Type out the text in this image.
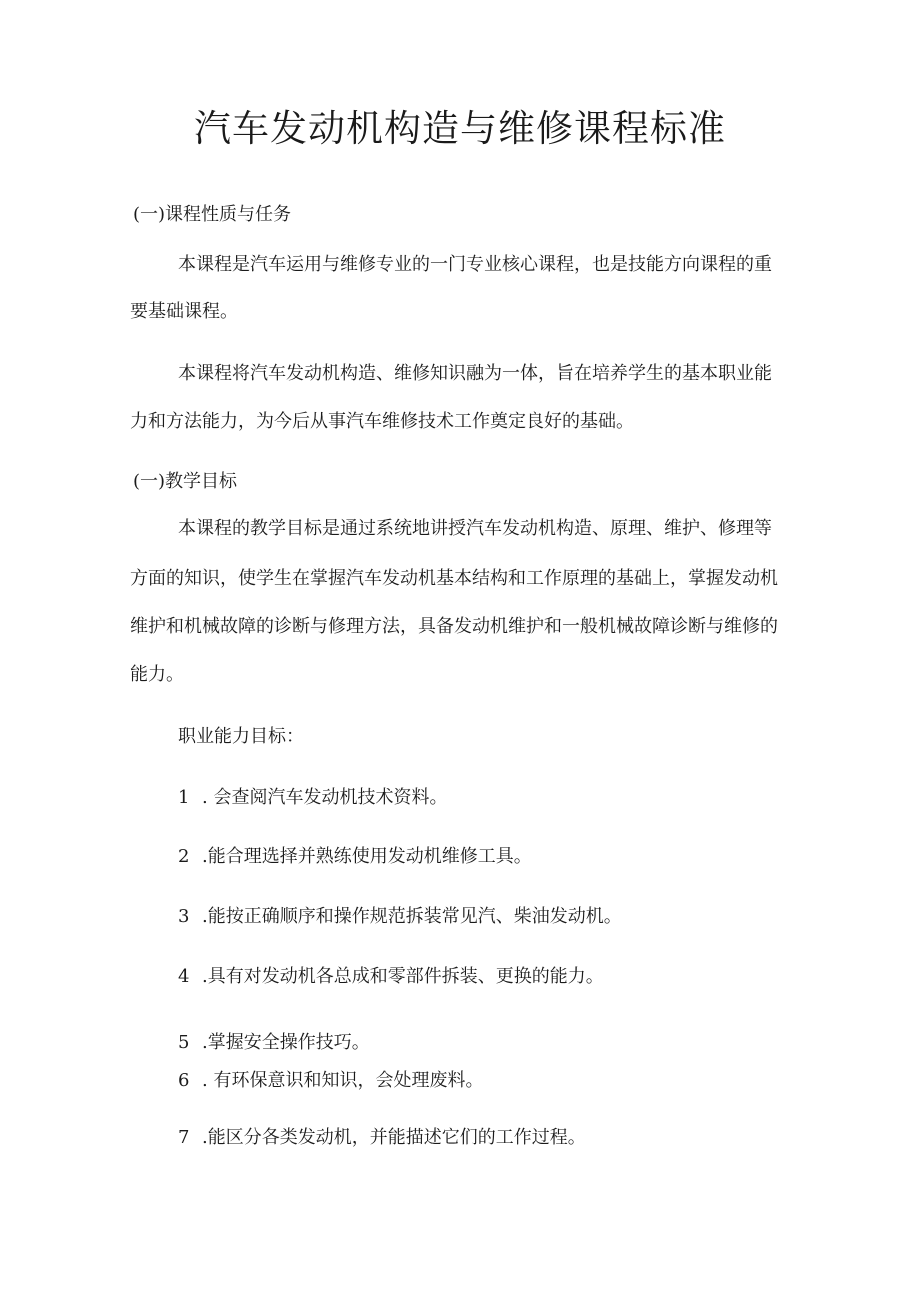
汽车发动机构造与维修课程标准

(一)课程性质与任务

本课程是汽车运用与维修专业的一门专业核心课程，也是技能方向课程的重

要基础课程。

本课程将汽车发动机构造、维修知识融为一体，旨在培养学生的基本职业能

力和方法能力，为今后从事汽车维修技术工作奠定良好的基础。

(一)教学目标

本课程的教学目标是通过系统地讲授汽车发动机构造、原理、维护、修理等

方面的知识，使学生在掌握汽车发动机基本结构和工作原理的基础上，掌握发动机

维护和机械故障的诊断与修理方法，具备发动机维护和一般机械故障诊断与维修的

能力。

职业能力目标：

1 . 会查阅汽车发动机技术资料。

2 .能合理选择并熟练使用发动机维修工具。

3 .能按正确顺序和操作规范拆装常见汽、柴油发动机。

4 .具有对发动机各总成和零部件拆装、更换的能力。

5 .掌握安全操作技巧。

6 . 有环保意识和知识，会处理废料。

7 .能区分各类发动机，并能描述它们的工作过程。
